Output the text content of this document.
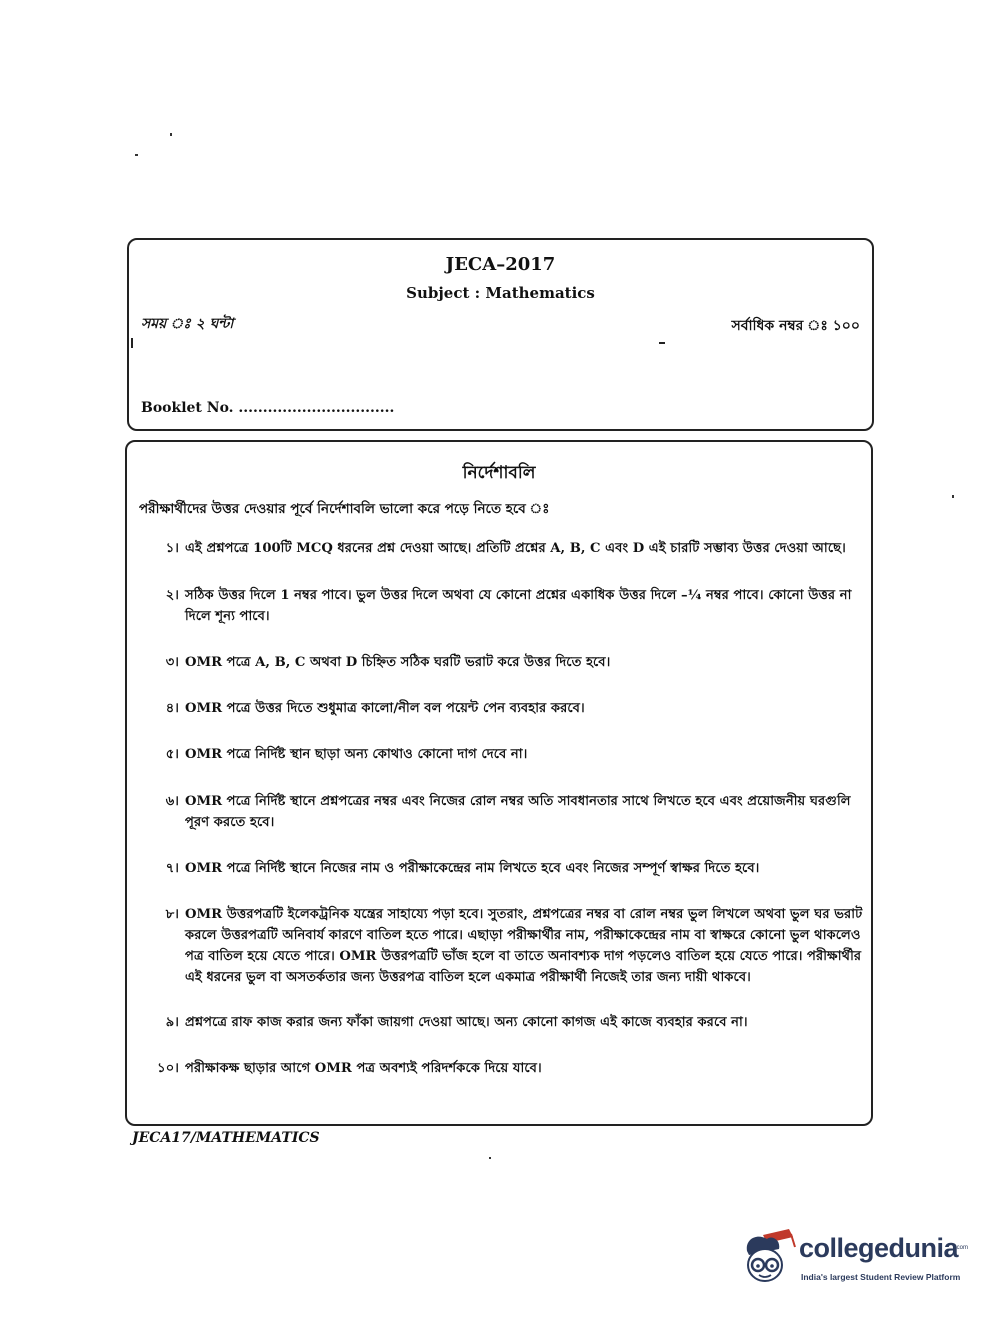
JECA–2017
Subject : Mathematics
সময় ঃ ২ ঘন্টা	সর্বাধিক নম্বর ঃ ১০০
Booklet No. ................................
নির্দেশাবলি
পরীক্ষার্থীদের উত্তর দেওয়ার পূর্বে নির্দেশাবলি ভালো করে পড়ে নিতে হবে ঃ
১। এই প্রশ্নপত্রে 100টি MCQ ধরনের প্রশ্ন দেওয়া আছে। প্রতিটি প্রশ্নের A, B, C এবং D এই চারটি সম্ভাব্য উত্তর দেওয়া আছে।
২। সঠিক উত্তর দিলে 1 নম্বর পাবে। ভুল উত্তর দিলে অথবা যে কোনো প্রশ্নের একাধিক উত্তর দিলে –¼ নম্বর পাবে। কোনো উত্তর না দিলে শূন্য পাবে।
৩। OMR পত্রে A, B, C অথবা D চিহ্নিত সঠিক ঘরটি ভরাট করে উত্তর দিতে হবে।
৪। OMR পত্রে উত্তর দিতে শুধুমাত্র কালো/নীল বল পয়েন্ট পেন ব্যবহার করবে।
৫। OMR পত্রে নির্দিষ্ট স্থান ছাড়া অন্য কোথাও কোনো দাগ দেবে না।
৬। OMR পত্রে নির্দিষ্ট স্থানে প্রশ্নপত্রের নম্বর এবং নিজের রোল নম্বর অতি সাবধানতার সাথে লিখতে হবে এবং প্রয়োজনীয় ঘরগুলি পূরণ করতে হবে।
৭। OMR পত্রে নির্দিষ্ট স্থানে নিজের নাম ও পরীক্ষাকেন্দ্রের নাম লিখতে হবে এবং নিজের সম্পূর্ণ স্বাক্ষর দিতে হবে।
৮। OMR উত্তরপত্রটি ইলেকট্রনিক যন্ত্রের সাহায্যে পড়া হবে। সুতরাং, প্রশ্নপত্রের নম্বর বা রোল নম্বর ভুল লিখলে অথবা ভুল ঘর ভরাট করলে উত্তরপত্রটি অনিবার্য কারণে বাতিল হতে পারে। এছাড়া পরীক্ষার্থীর নাম, পরীক্ষাকেন্দ্রের নাম বা স্বাক্ষরে কোনো ভুল থাকলেও পত্র বাতিল হয়ে যেতে পারে। OMR উত্তরপত্রটি ভাঁজ হলে বা তাতে অনাবশ্যক দাগ পড়লেও বাতিল হয়ে যেতে পারে। পরীক্ষার্থীর এই ধরনের ভুল বা অসতর্কতার জন্য উত্তরপত্র বাতিল হলে একমাত্র পরীক্ষার্থী নিজেই তার জন্য দায়ী থাকবে।
৯। প্রশ্নপত্রে রাফ কাজ করার জন্য ফাঁকা জায়গা দেওয়া আছে। অন্য কোনো কাগজ এই কাজে ব্যবহার করবে না।
১০। পরীক্ষাকক্ষ ছাড়ার আগে OMR পত্র অবশ্যই পরিদর্শককে দিয়ে যাবে।
JECA17/MATHEMATICS
collegedunia
.com
India's largest Student Review Platform
